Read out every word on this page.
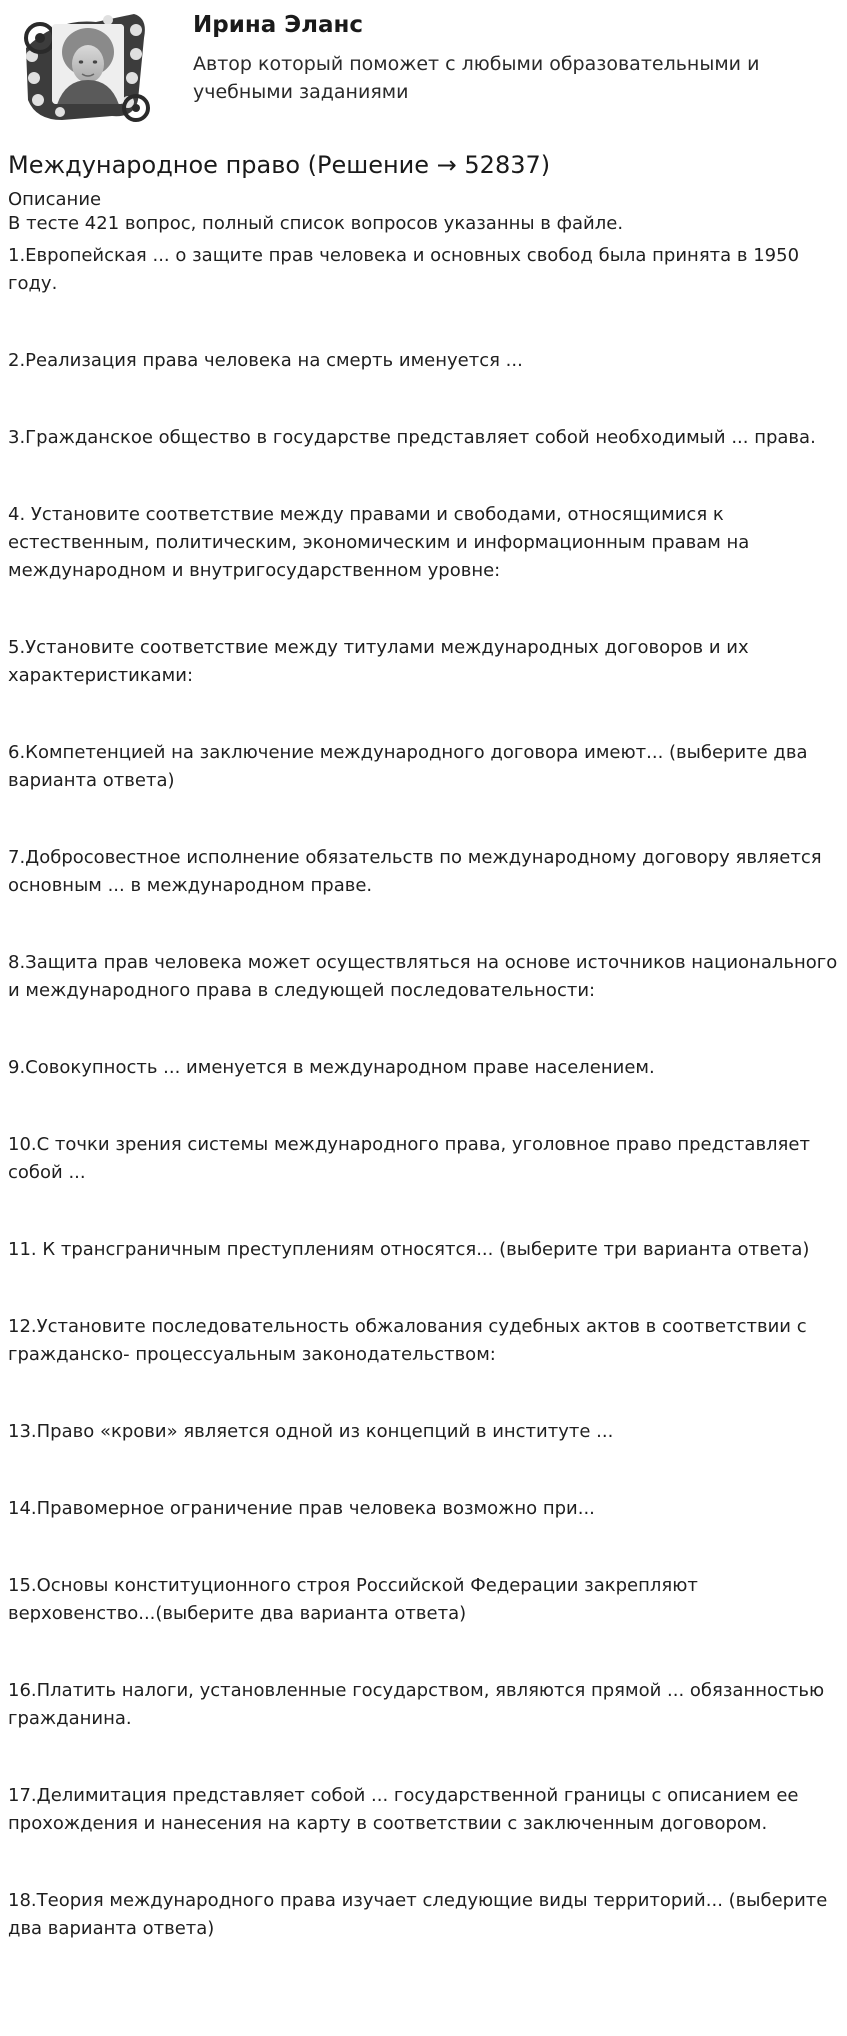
Ирина Эланс
Автор который поможет с любыми образовательными и учебными заданиями
Международное право (Решение → 52837)
Описание
В тесте 421 вопрос, полный список вопросов указанны в файле.
1.Европейская ... о защите прав человека и основных свобод была принята в 1950 году.
2.Реализация права человека на смерть именуется ...
3.Гражданское общество в государстве представляет собой необходимый ... права.
4. Установите соответствие между правами и свободами, относящимися к естественным, политическим, экономическим и информационным правам на международном и внутригосударственном уровне:
5.Установите соответствие между титулами международных договоров и их характеристиками:
6.Компетенцией на заключение международного договора имеют... (выберите два варианта ответа)
7.Добросовестное исполнение обязательств по международному договору является основным ... в международном праве.
8.Защита прав человека может осуществляться на основе источников национального и международного права в следующей последовательности:
9.Совокупность ... именуется в международном праве населением.
10.С точки зрения системы международного права, уголовное право представляет собой ...
11. К трансграничным преступлениям относятся... (выберите три варианта ответа)
12.Установите последовательность обжалования судебных актов в соответствии с гражданско- процессуальным законодательством:
13.Право «крови» является одной из концепций в институте ...
14.Правомерное ограничение прав человека возможно при...
15.Основы конституционного строя Российской Федерации закрепляют верховенство...(выберите два варианта ответа)
16.Платить налоги, установленные государством, являются прямой ... обязанностью гражданина.
17.Делимитация представляет собой ... государственной границы с описанием ее прохождения и нанесения на карту в соответствии с заключенным договором.
18.Теория международного права изучает следующие виды территорий... (выберите два варианта ответа)
